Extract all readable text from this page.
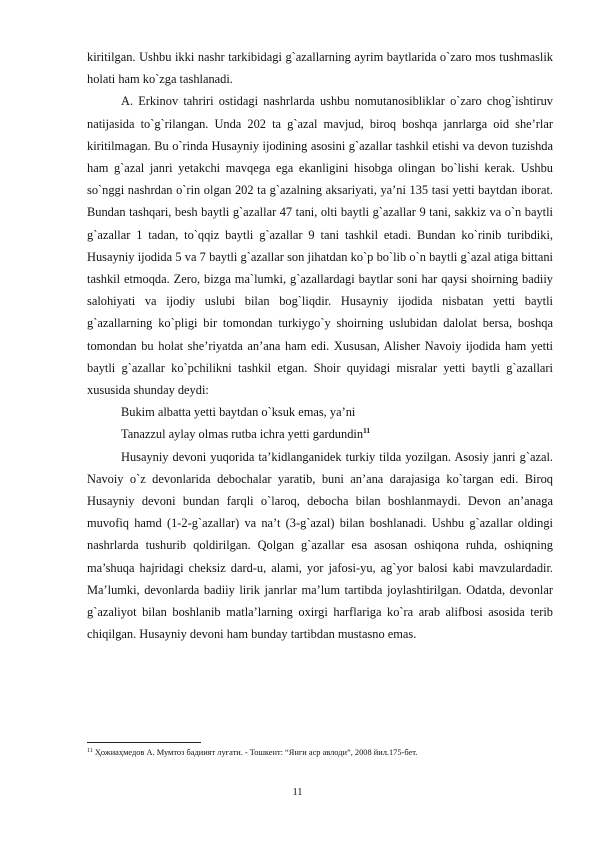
kiritilgan. Ushbu ikki nashr tarkibidagi g`azallarning ayrim baytlarida o`zaro mos tushmaslik holati ham ko`zga tashlanadi.

A. Erkinov tahriri ostidagi nashrlarda ushbu nomutanosibliklar o`zaro chog`ishtiruv natijasida to`g`rilangan. Unda 202 ta g`azal mavjud, biroq boshqa janrlarga oid she’rlar kiritilmagan. Bu o`rinda Husayniy ijodining asosini g`azallar tashkil etishi va devon tuzishda ham g`azal janri yetakchi mavqega ega ekanligini hisobga olingan bo`lishi kerak. Ushbu so`nggi nashrdan o`rin olgan 202 ta g`azalning aksariyati, ya’ni 135 tasi yetti baytdan iborat. Bundan tashqari, besh baytli g`azallar 47 tani, olti baytli g`azallar 9 tani, sakkiz va o`n baytli g`azallar 1 tadan, to`qqiz baytli g`azallar 9 tani tashkil etadi. Bundan ko`rinib turibdiki, Husayniy ijodida 5 va 7 baytli g`azallar son jihatdan ko`p bo`lib o`n baytli g`azal atiga bittani tashkil etmoqda. Zero, bizga ma`lumki, g`azallardagi baytlar soni har qaysi shoirning badiiy salohiyati va ijodiy uslubi bilan bog`liqdir. Husayniy ijodida nisbatan yetti baytli g`azallarning ko`pligi bir tomondan turkiygo`y shoirning uslubidan dalolat bersa, boshqa tomondan bu holat she’riyatda an’ana ham edi. Xususan, Alisher Navoiy ijodida ham yetti baytli g`azallar ko`pchilikni tashkil etgan. Shoir quyidagi misralar yetti baytli g`azallari xususida shunday deydi:

Bukim albatta yetti baytdan o`ksuk emas, ya’ni

Tanazzul aylay olmas rutba ichra yetti gardundin$^{11}$

Husayniy devoni yuqorida ta’kidlanganidek turkiy tilda yozilgan. Asosiy janri g`azal. Navoiy o`z devonlarida debochalar yaratib, buni an’ana darajasiga ko`targan edi. Biroq Husayniy devoni bundan farqli o`laroq, debocha bilan boshlanmaydi. Devon an’anaga muvofiq hamd (1-2-g`azallar) va na’t (3-g`azal) bilan boshlanadi. Ushbu g`azallar oldingi nashrlarda tushurib qoldirilgan. Qolgan g`azallar esa asosan oshiqona ruhda, oshiqning ma’shuqa hajridagi cheksiz dard-u, alami, yor jafosi-yu, ag`yor balosi kabi mavzulardadir. Ma’lumki, devonlarda badiiy lirik janrlar ma’lum tartibda joylashtirilgan. Odatda, devonlar g`azaliyot bilan boshlanib matla’larning oxirgi harflariga ko`ra arab alifbosi asosida terib chiqilgan. Husayniy devoni ham bunday tartibdan mustasno emas.

$^{11}$ Ҳожиаҳмедов А. Мумтоз бадиият луғати. - Тошкент: “Янги аср авлоди”, 2008 йил.175-бет.
11
